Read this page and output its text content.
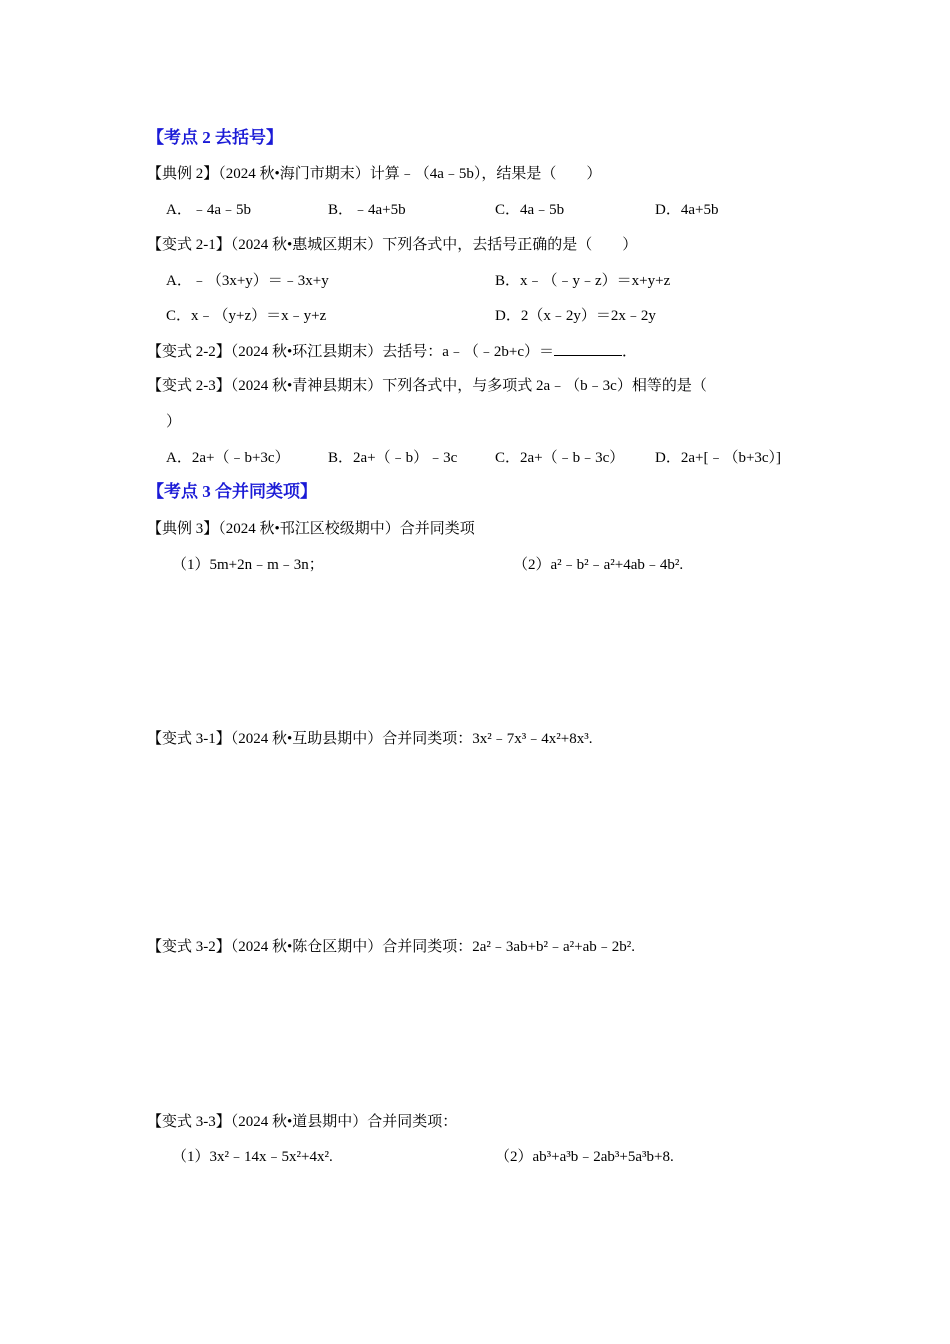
【考点 2 去括号】
【典例 2】（2024 秋•海门市期末）计算﹣（4a﹣5b），结果是（　　）
A．﹣4a﹣5b	B．﹣4a+5b	C．4a﹣5b	D．4a+5b
【变式 2-1】（2024 秋•惠城区期末）下列各式中，去括号正确的是（　　）
A．﹣（3x+y）＝﹣3x+y	B．x﹣（﹣y﹣z）＝x+y+z
C．x﹣（y+z）＝x﹣y+z	D．2（x﹣2y）＝2x﹣2y
【变式 2-2】（2024 秋•环江县期末）去括号：a﹣（﹣2b+c）＝	．
【变式 2-3】（2024 秋•青神县期末）下列各式中，与多项式 2a﹣（b﹣3c）相等的是（
）
A．2a+（﹣b+3c）	B．2a+（﹣b）﹣3c	C．2a+（﹣b﹣3c） D．2a+[﹣（b+3c）]
【考点 3 合并同类项】
【典例 3】（2024 秋•邗江区校级期中）合并同类项
（1）5m+2n﹣m﹣3n；	（2）a²﹣b²﹣a²+4ab﹣4b².
【变式 3-1】（2024 秋•互助县期中）合并同类项：3x²﹣7x³﹣4x²+8x³.
【变式 3-2】（2024 秋•陈仓区期中）合并同类项：2a²﹣3ab+b²﹣a²+ab﹣2b².
【变式 3-3】（2024 秋•道县期中）合并同类项：
（1）3x²﹣14x﹣5x²+4x².	（2）ab³+a³b﹣2ab³+5a³b+8.
